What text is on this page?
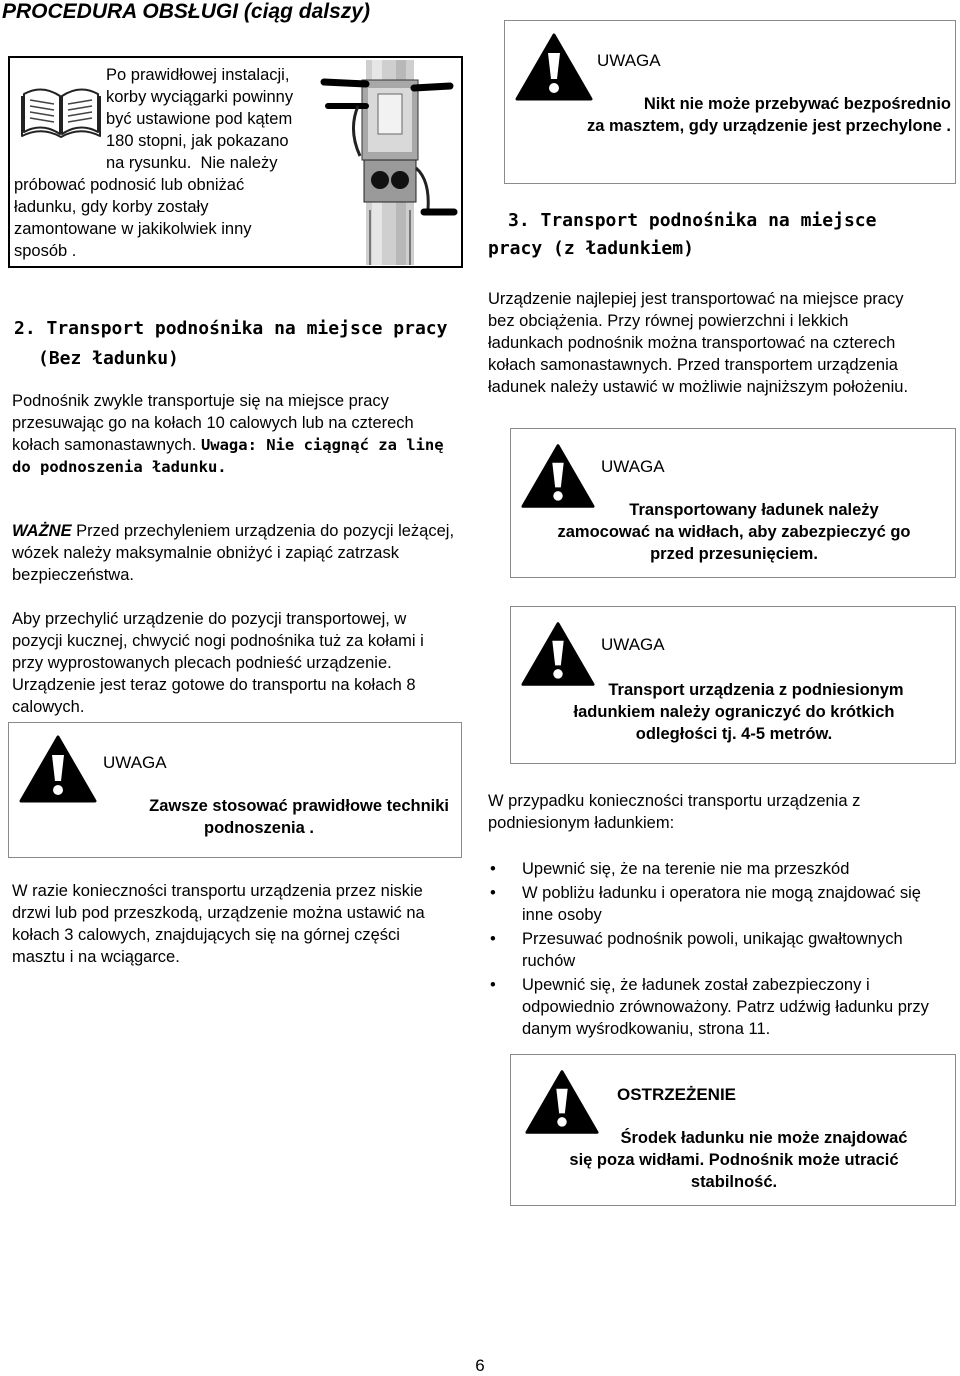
PROCEDURA OBSŁUGI (ciąg dalszy)
Po prawidłowej instalacji,
korby wyciągarki powinny
być ustawione pod kątem
180 stopni, jak pokazano
na rysunku.  Nie należy
próbować podnosić lub obniżać
ładunku, gdy korby zostały
zamontowane w jakikolwiek inny
sposób .
UWAGA

Nikt nie może przebywać bezpośrednio

za masztem, gdy urządzenie jest przechylone .

3. Transport podnośnika na miejsce
pracy (z ładunkiem)

Urządzenie najlepiej jest transportować na miejsce pracy bez obciążenia. Przy równej powierzchni i lekkich ładunkach podnośnik można transportować na czterech kołach samonastawnych. Przed transportem urządzenia ładunek należy ustawić w możliwie najniższym położeniu.

2. Transport podnośnika na miejsce pracy
(Bez ładunku)

Podnośnik zwykle transportuje się na miejsce pracy przesuwając go na kołach 10 calowych lub na czterech kołach samonastawnych. Uwaga: Nie ciągnąć za linę do podnoszenia ładunku.

WAŻNE Przed przechyleniem urządzenia do pozycji leżącej, wózek należy maksymalnie obniżyć i zapiąć zatrzask bezpieczeństwa.

Aby przechylić urządzenie do pozycji transportowej, w pozycji kucznej, chwycić nogi podnośnika tuż za kołami i przy wyprostowanych plecach podnieść urządzenie. Urządzenie jest teraz gotowe do transportu na kołach 8 calowych.

UWAGA

Zawsze stosować prawidłowe techniki

podnoszenia .

W razie konieczności transportu urządzenia przez niskie drzwi lub pod przeszkodą, urządzenie można ustawić na kołach 3 calowych, znajdujących się na górnej części masztu i na wciągarce.

UWAGA

Transportowany ładunek należy

zamocować na widłach, aby zabezpieczyć go

przed przesunięciem.

UWAGA

Transport urządzenia z podniesionym

ładunkiem należy ograniczyć do krótkich

odległości tj. 4-5 metrów.

W przypadku konieczności transportu urządzenia z podniesionym ładunkiem:

• Upewnić się, że na terenie nie ma przeszkód
• W pobliżu ładunku i operatora nie mogą znajdować się inne osoby
• Przesuwać podnośnik powoli, unikając gwałtownych ruchów
• Upewnić się, że ładunek został zabezpieczony i odpowiednio zrównoważony. Patrz udźwig ładunku przy danym wyśrodkowaniu, strona 11.
OSTRZEŻENIE

Środek ładunku nie może znajdować

się poza widłami. Podnośnik może utracić

stabilność.

6
